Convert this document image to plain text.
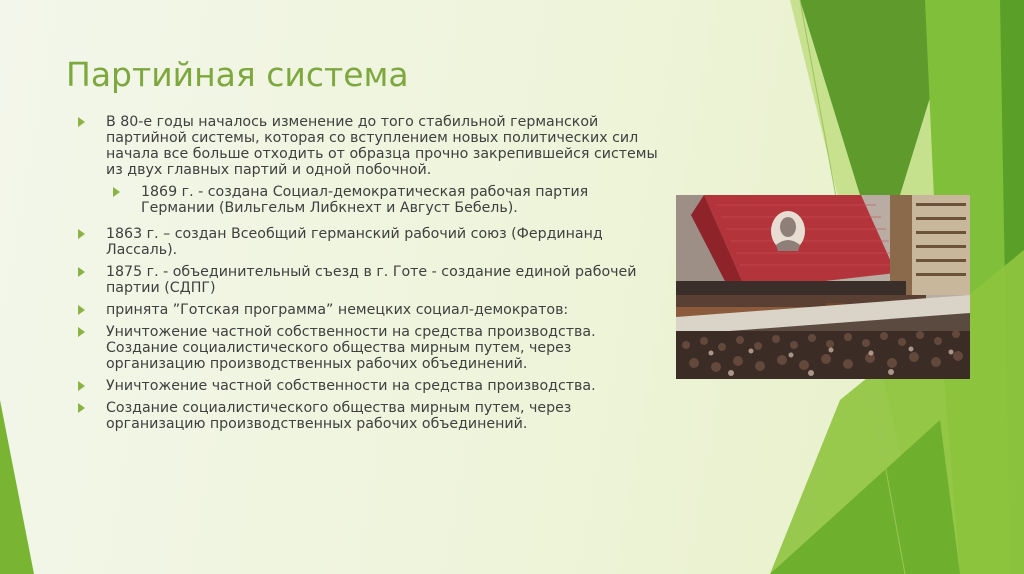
Партийная система
В 80-е годы началось изменение до того стабильной германской партийной системы, которая со вступлением новых политических сил начала все больше отходить от образца прочно закрепившейся системы из двух главных партий и одной побочной.
1869 г. - создана Социал-демократическая рабочая партия Германии (Вильгельм Либкнехт и Август Бебель).
1863 г. – создан Всеобщий германский рабочий союз (Фердинанд Лассаль).
1875 г. - объединительный съезд в г. Готе - создание единой рабочей партии (СДПГ)
принята ”Готская программа” немецких социал-демократов:
Уничтожение частной собственности на средства производства. Создание социалистического общества мирным путем, через организацию производственных рабочих объединений.
Уничтожение частной собственности на средства производства.
Создание социалистического общества мирным путем, через организацию производственных рабочих объединений.
